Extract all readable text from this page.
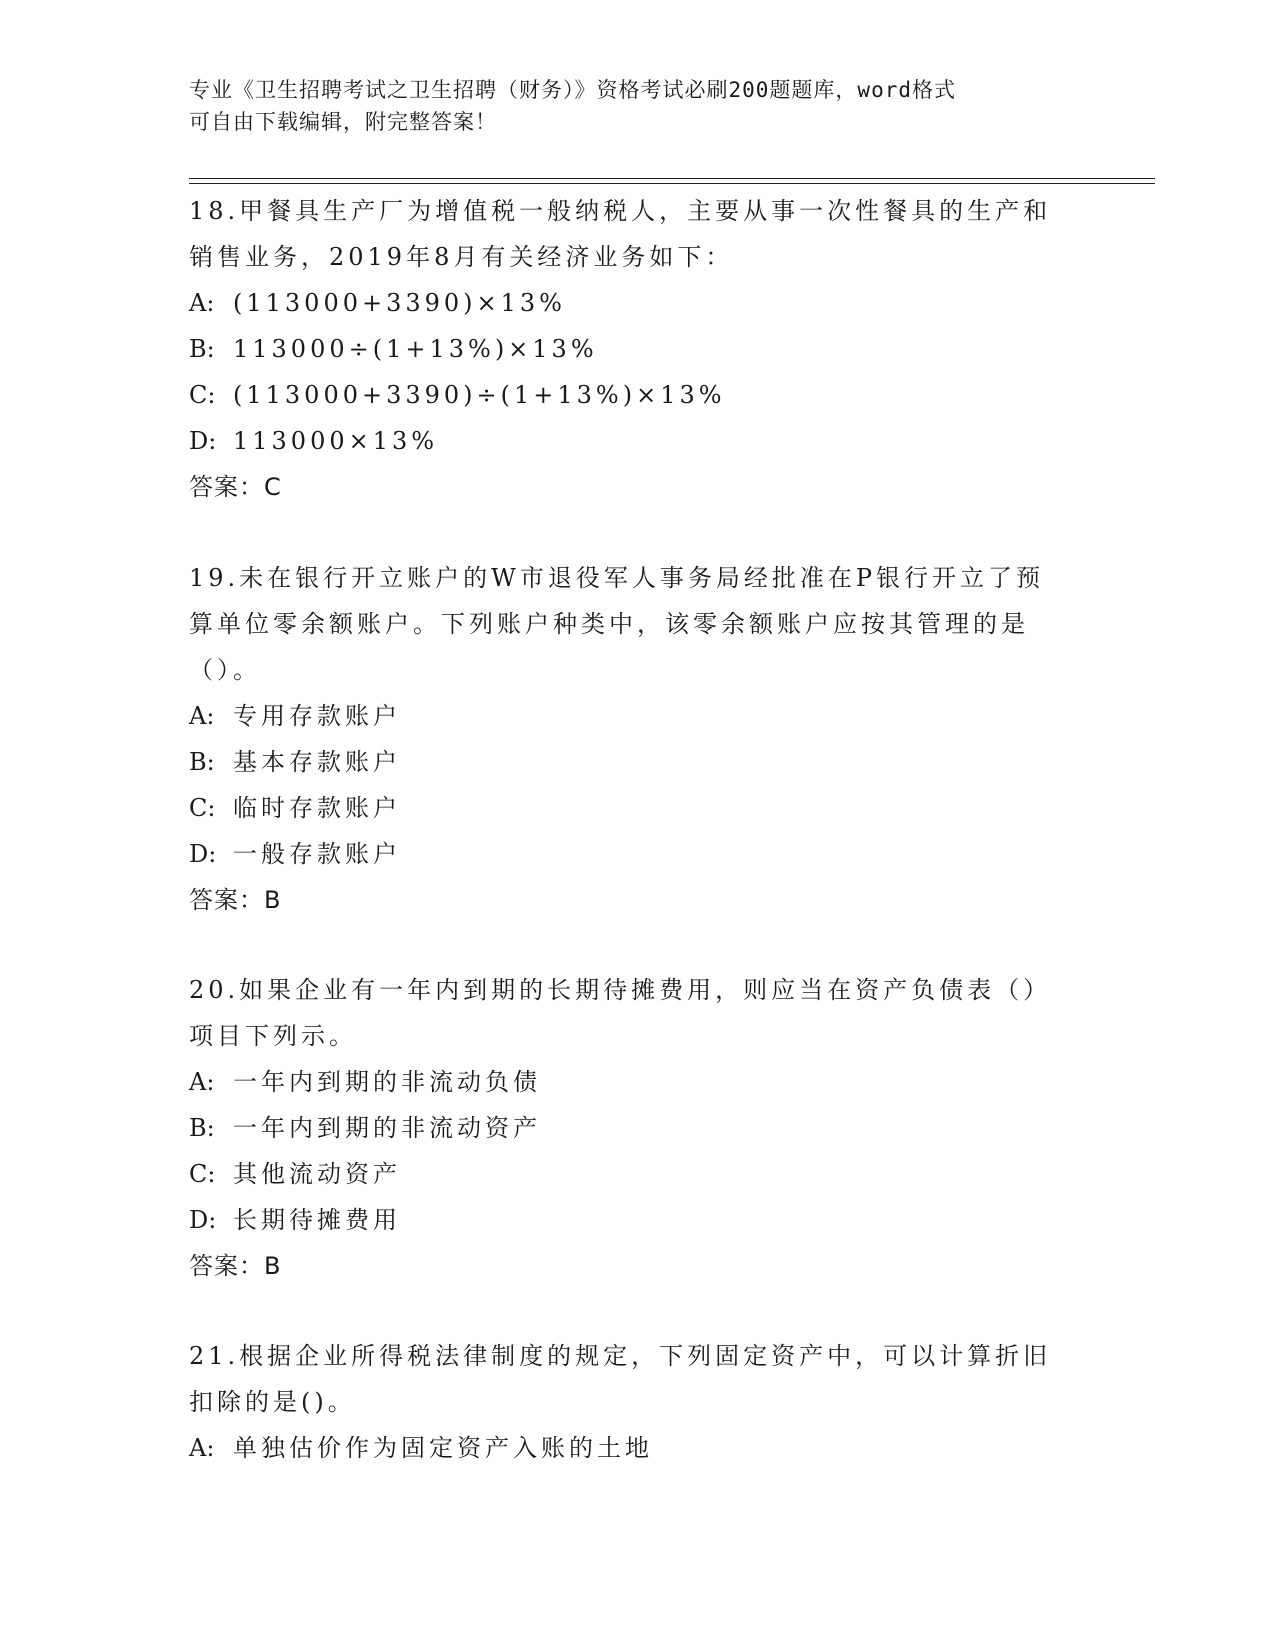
专业《卫生招聘考试之卫生招聘（财务）》资格考试必刷200题题库，word格式
可自由下载编辑，附完整答案！
18.甲餐具生产厂为增值税一般纳税人，主要从事一次性餐具的生产和
销售业务，2019年8月有关经济业务如下：
A: (113000+3390)×13%
B: 113000÷(1+13%)×13%
C: (113000+3390)÷(1+13%)×13%
D: 113000×13%
答案：C
19.未在银行开立账户的W市退役军人事务局经批准在P银行开立了预
算单位零余额账户。下列账户种类中，该零余额账户应按其管理的是
（）。
A: 专用存款账户
B: 基本存款账户
C: 临时存款账户
D: 一般存款账户
答案：B
20.如果企业有一年内到期的长期待摊费用，则应当在资产负债表（）
项目下列示。
A: 一年内到期的非流动负债
B: 一年内到期的非流动资产
C: 其他流动资产
D: 长期待摊费用
答案：B
21.根据企业所得税法律制度的规定，下列固定资产中，可以计算折旧
扣除的是()。
A: 单独估价作为固定资产入账的土地
